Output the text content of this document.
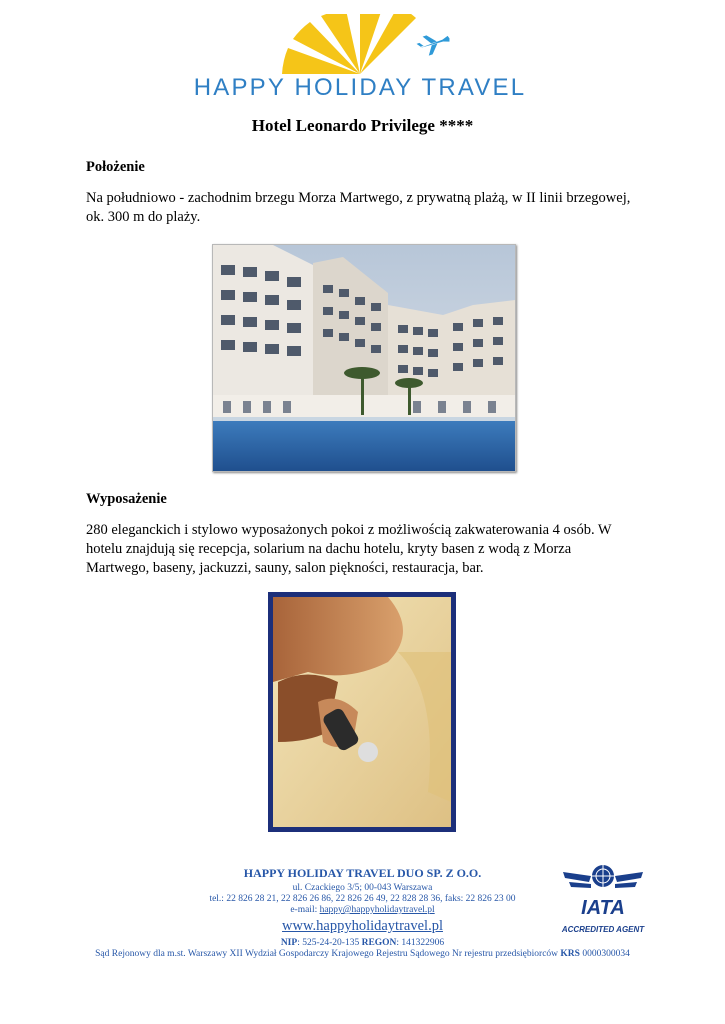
HAPPY HOLIDAY TRAVEL
Hotel Leonardo Privilege ****
Położenie
Na południowo - zachodnim brzegu Morza Martwego, z prywatną plażą, w II linii brzegowej,
ok. 300 m do plaży.
Wyposażenie
280 eleganckich i stylowo wyposażonych pokoi z możliwością zakwaterowania 4 osób. W
hotelu znajdują się recepcja, solarium na dachu hotelu, kryty basen z wodą z Morza
Martwego, baseny, jackuzzi, sauny, salon piękności, restauracja, bar.
HAPPY HOLIDAY TRAVEL DUO SP. Z O.O.
ul. Czackiego 3/5; 00-043 Warszawa
tel.: 22 826 28 21, 22 826 26 86, 22 826 26 49, 22 828 28 36, faks: 22 826 23 00
e-mail: happy@happyholidaytravel.pl
www.happyholidaytravel.pl
NIP: 525-24-20-135 REGON: 141322906
Sąd Rejonowy dla m.st. Warszawy XII Wydział Gospodarczy Krajowego Rejestru Sądowego Nr rejestru przedsiębiorców KRS 0000300034
IATA
ACCREDITED AGENT
